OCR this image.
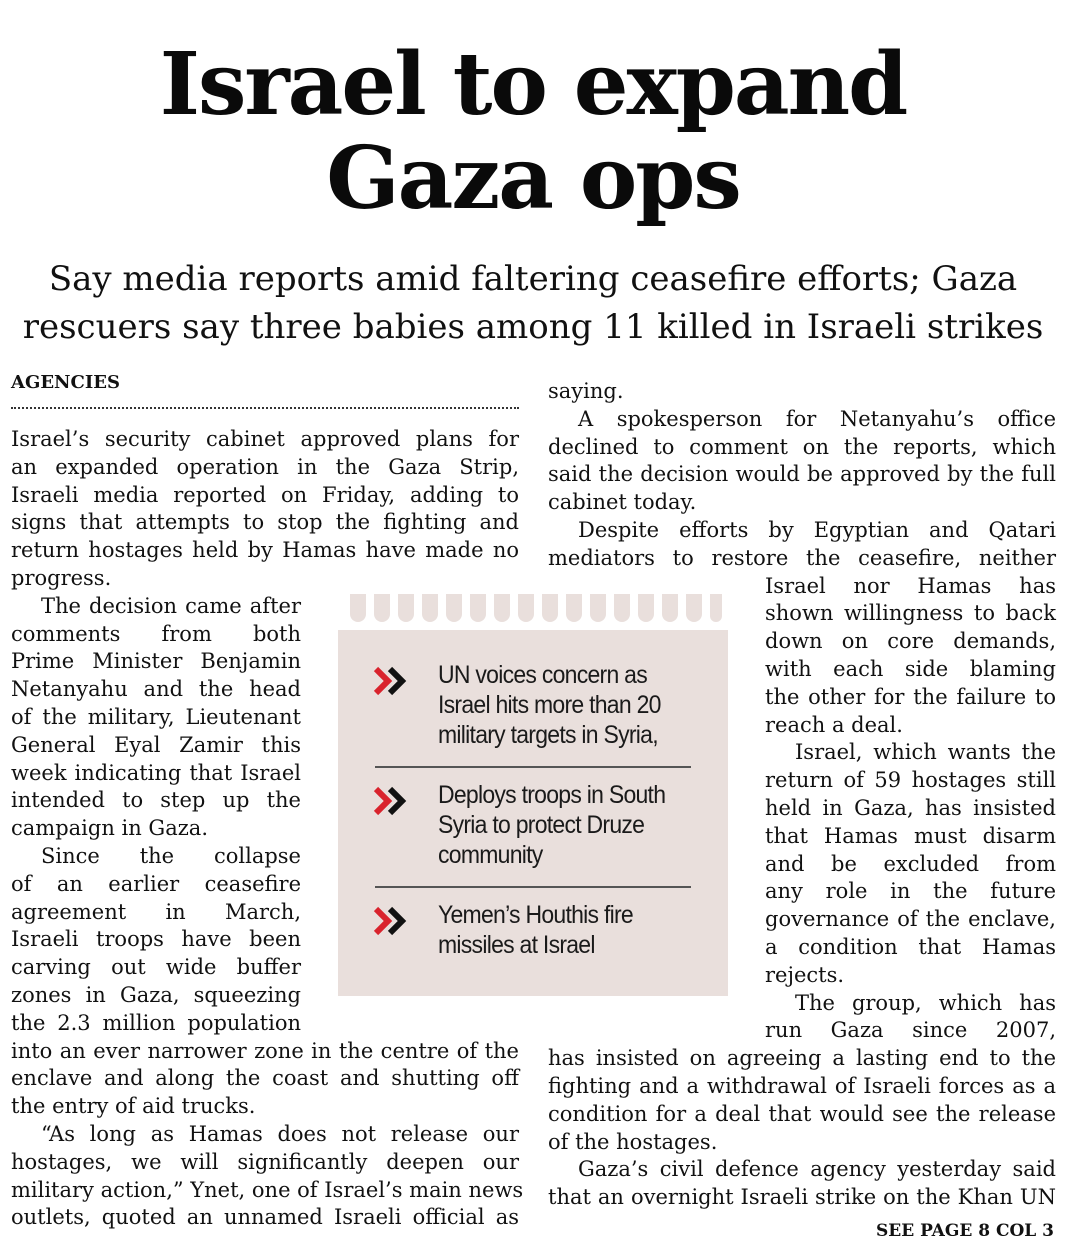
Israel to expand
Gaza ops
Say media reports amid faltering ceasefire efforts; Gaza
rescuers say three babies among 11 killed in Israeli strikes
AGENCIES
Israel’s security cabinet approved plans for
an expanded operation in the Gaza Strip,
Israeli media reported on Friday, adding to
signs that attempts to stop the fighting and
return hostages held by Hamas have made no
progress.
The decision came after
comments from both
Prime Minister Benjamin
Netanyahu and the head
of the military, Lieutenant
General Eyal Zamir this
week indicating that Israel
intended to step up the
campaign in Gaza.
Since the collapse
of an earlier ceasefire
agreement in March,
Israeli troops have been
carving out wide buffer
zones in Gaza, squeezing
the 2.3 million population
into an ever narrower zone in the centre of the
enclave and along the coast and shutting off
the entry of aid trucks.
“As long as Hamas does not release our
hostages, we will significantly deepen our
military action,” Ynet, one of Israel’s main news
outlets, quoted an unnamed Israeli official as
saying.
A spokesperson for Netanyahu’s office
declined to comment on the reports, which
said the decision would be approved by the full
cabinet today.
Despite efforts by Egyptian and Qatari
mediators to restore the ceasefire, neither
Israel nor Hamas has
shown willingness to back
down on core demands,
with each side blaming
the other for the failure to
reach a deal.
Israel, which wants the
return of 59 hostages still
held in Gaza, has insisted
that Hamas must disarm
and be excluded from
any role in the future
governance of the enclave,
a condition that Hamas
rejects.
The group, which has
run Gaza since 2007,
has insisted on agreeing a lasting end to the
fighting and a withdrawal of Israeli forces as a
condition for a deal that would see the release
of the hostages.
Gaza’s civil defence agency yesterday said
that an overnight Israeli strike on the Khan UN
UN voices concern as
Israel hits more than 20
military targets in Syria,
Deploys troops in South
Syria to protect Druze
community
Yemen’s Houthis fire
missiles at Israel
SEE PAGE 8 COL 3
